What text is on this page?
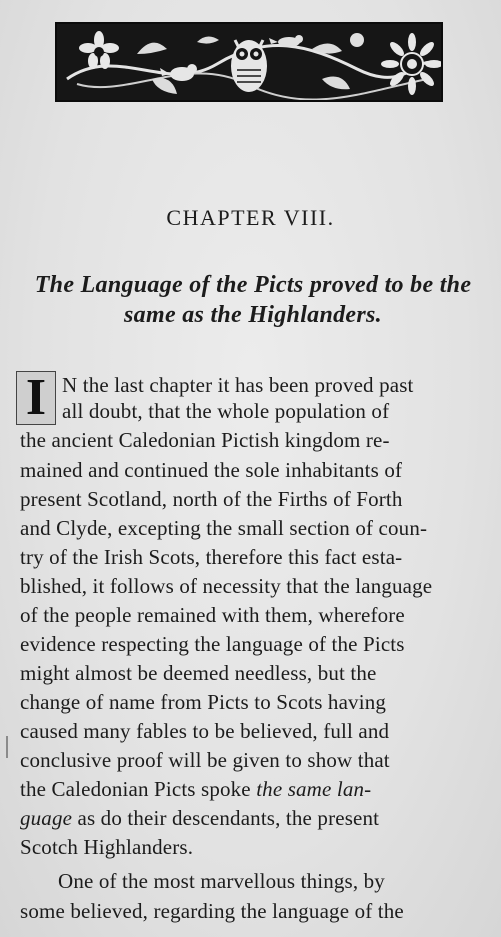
CHAPTER VIII.
The Language of the Picts proved to be the
same as the Highlanders.
I N the last chapter it has been proved past
all doubt, that the whole population of
the ancient Caledonian Pictish kingdom re-
mained and continued the sole inhabitants of
present Scotland, north of the Firths of Forth
and Clyde, excepting the small section of coun-
try of the Irish Scots, therefore this fact esta-
blished, it follows of necessity that the language
of the people remained with them, wherefore
evidence respecting the language of the Picts
might almost be deemed needless, but the
change of name from Picts to Scots having
caused many fables to be believed, full and
conclusive proof will be given to show that
the Caledonian Picts spoke the same lan-
guage as do their descendants, the present
Scotch Highlanders.
One of the most marvellous things, by
some believed, regarding the language of the
